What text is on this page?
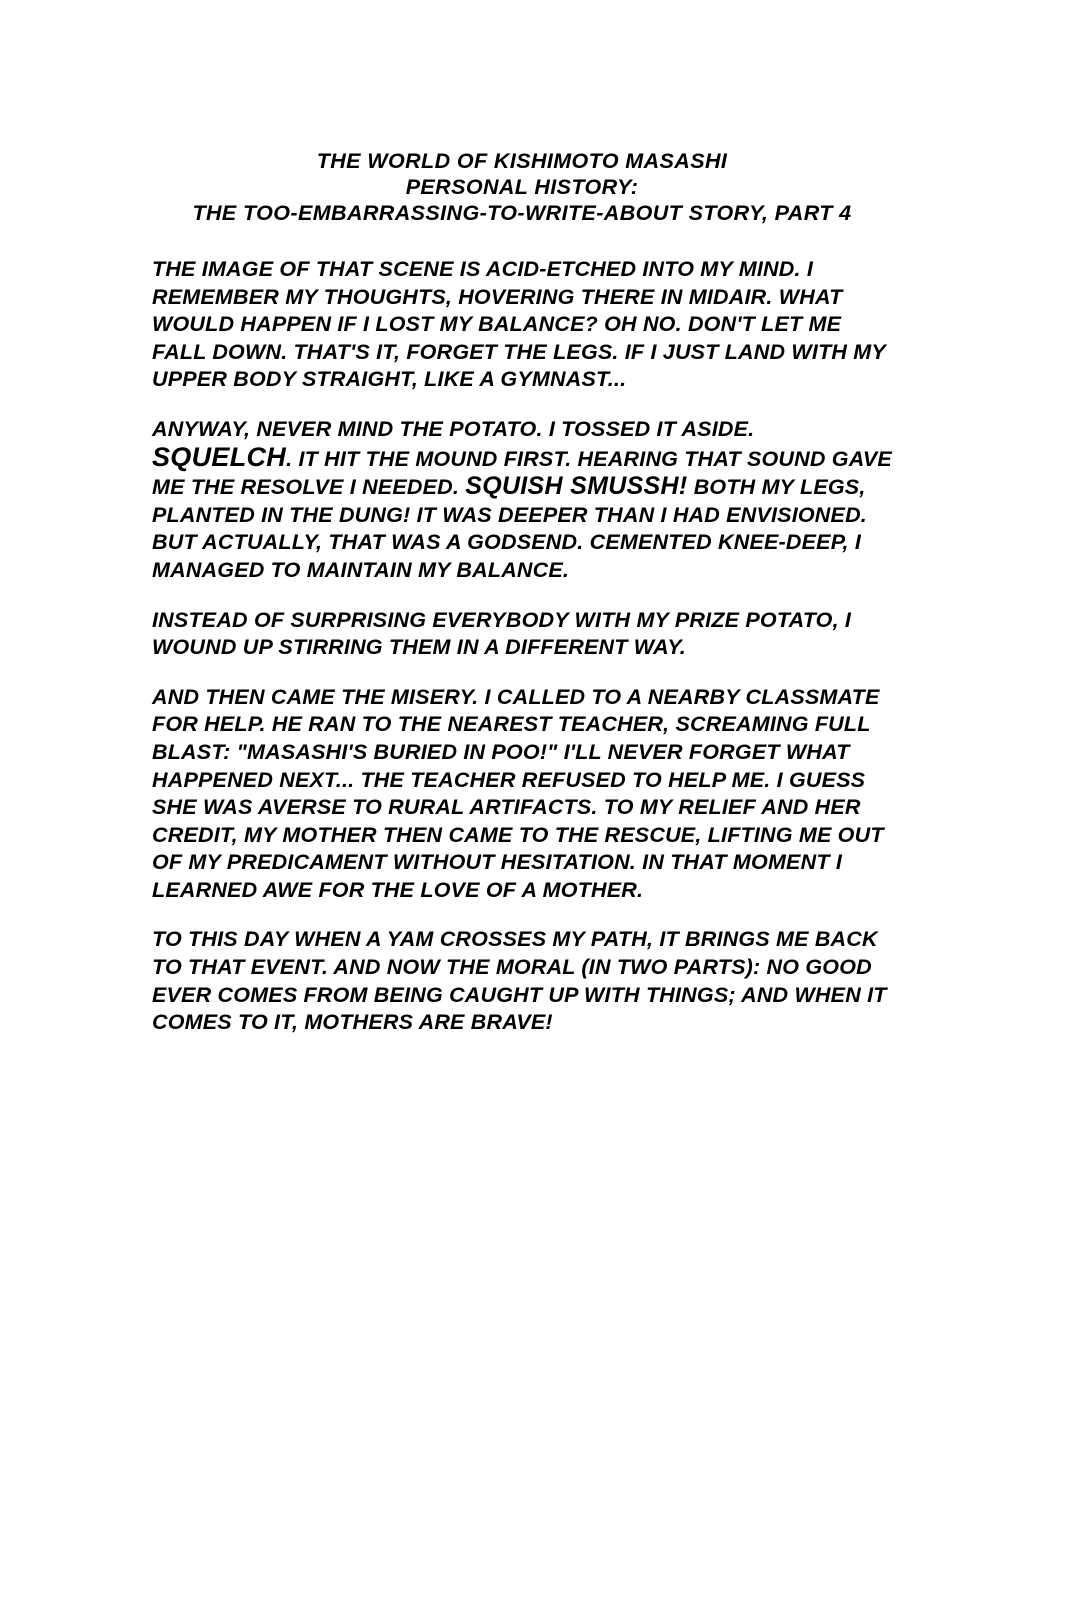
THE WORLD OF KISHIMOTO MASASHI
PERSONAL HISTORY:
THE TOO-EMBARRASSING-TO-WRITE-ABOUT STORY, PART 4

THE IMAGE OF THAT SCENE IS ACID-ETCHED INTO MY MIND. I REMEMBER MY THOUGHTS, HOVERING THERE IN MIDAIR. WHAT WOULD HAPPEN IF I LOST MY BALANCE? OH NO. DON'T LET ME FALL DOWN. THAT'S IT, FORGET THE LEGS. IF I JUST LAND WITH MY UPPER BODY STRAIGHT, LIKE A GYMNAST...

ANYWAY, NEVER MIND THE POTATO. I TOSSED IT ASIDE. SQUELCH. IT HIT THE MOUND FIRST. HEARING THAT SOUND GAVE ME THE RESOLVE I NEEDED. SQUISH SMUSSH! BOTH MY LEGS, PLANTED IN THE DUNG! IT WAS DEEPER THAN I HAD ENVISIONED. BUT ACTUALLY, THAT WAS A GODSEND. CEMENTED KNEE-DEEP, I MANAGED TO MAINTAIN MY BALANCE.

INSTEAD OF SURPRISING EVERYBODY WITH MY PRIZE POTATO, I WOUND UP STIRRING THEM IN A DIFFERENT WAY.

AND THEN CAME THE MISERY. I CALLED TO A NEARBY CLASSMATE FOR HELP. HE RAN TO THE NEAREST TEACHER, SCREAMING FULL BLAST: "MASASHI'S BURIED IN POO!" I'LL NEVER FORGET WHAT HAPPENED NEXT... THE TEACHER REFUSED TO HELP ME. I GUESS SHE WAS AVERSE TO RURAL ARTIFACTS. TO MY RELIEF AND HER CREDIT, MY MOTHER THEN CAME TO THE RESCUE, LIFTING ME OUT OF MY PREDICAMENT WITHOUT HESITATION. IN THAT MOMENT I LEARNED AWE FOR THE LOVE OF A MOTHER.

TO THIS DAY WHEN A YAM CROSSES MY PATH, IT BRINGS ME BACK TO THAT EVENT. AND NOW THE MORAL (IN TWO PARTS): NO GOOD EVER COMES FROM BEING CAUGHT UP WITH THINGS; AND WHEN IT COMES TO IT, MOTHERS ARE BRAVE!
